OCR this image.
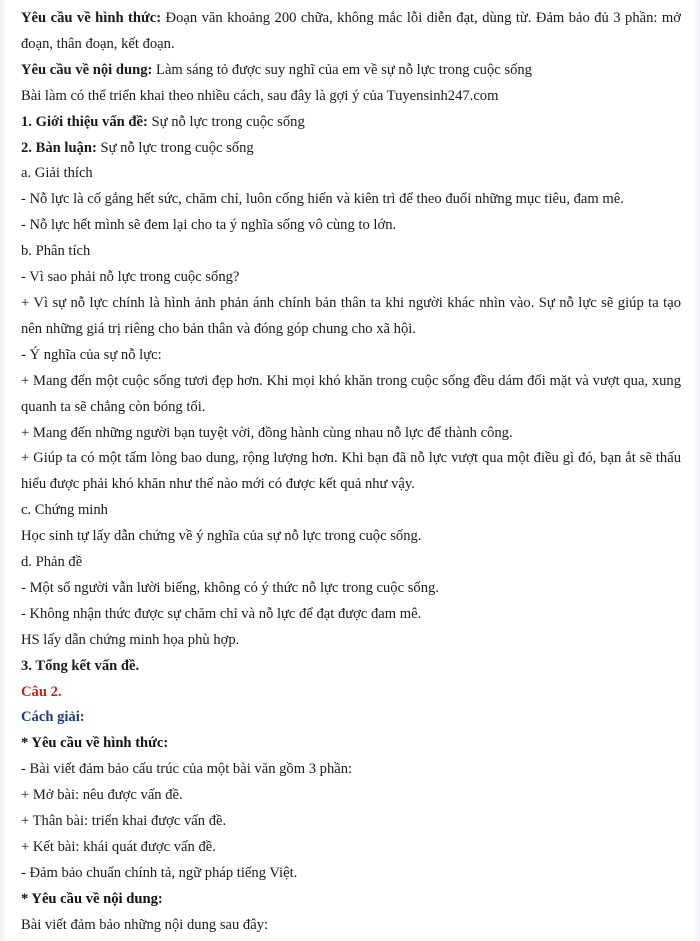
Yêu cầu về hình thức: Đoạn văn khoảng 200 chữa, không mắc lỗi diễn đạt, dùng từ. Đảm bảo đủ 3 phần: mở đoạn, thân đoạn, kết đoạn.

Yêu cầu về nội dung: Làm sáng tỏ được suy nghĩ của em về sự nỗ lực trong cuộc sống

Bài làm có thể triển khai theo nhiều cách, sau đây là gợi ý của Tuyensinh247.com

1. Giới thiệu vấn đề: Sự nỗ lực trong cuộc sống

2. Bàn luận: Sự nỗ lực trong cuộc sống

a. Giải thích

- Nỗ lực là cố gắng hết sức, chăm chỉ, luôn cống hiến và kiên trì để theo đuổi những mục tiêu, đam mê.

- Nỗ lực hết mình sẽ đem lại cho ta ý nghĩa sống vô cùng to lớn.

b. Phân tích

- Vì sao phải nỗ lực trong cuộc sống?

+ Vì sự nỗ lực chính là hình ảnh phản ánh chính bản thân ta khi người khác nhìn vào. Sự nỗ lực sẽ giúp ta tạo nên những giá trị riêng cho bản thân và đóng góp chung cho xã hội.

- Ý nghĩa của sự nỗ lực:

+ Mang đến một cuộc sống tươi đẹp hơn. Khi mọi khó khăn trong cuộc sống đều dám đối mặt và vượt qua, xung quanh ta sẽ chẳng còn bóng tối.

+ Mang đến những người bạn tuyệt vời, đồng hành cùng nhau nỗ lực để thành công.

+ Giúp ta có một tấm lòng bao dung, rộng lượng hơn. Khi bạn đã nỗ lực vượt qua một điều gì đó, bạn ắt sẽ thấu hiểu được phải khó khăn như thế nào mới có được kết quả như vậy.

c. Chứng minh

Học sinh tự lấy dẫn chứng về ý nghĩa của sự nỗ lực trong cuộc sống.

d. Phản đề

- Một số người vẫn lười biếng, không có ý thức nỗ lực trong cuộc sống.

- Không nhận thức được sự chăm chỉ và nỗ lực để đạt được đam mê.

HS lấy dẫn chứng minh họa phù hợp.

3. Tổng kết vấn đề.

Câu 2.

Cách giải:

* Yêu cầu về hình thức:

- Bài viết đảm bảo cấu trúc của một bài văn gồm 3 phần:

+ Mở bài: nêu được vấn đề.

+ Thân bài: triển khai được vấn đề.

+ Kết bài: khái quát được vấn đề.

- Đảm bảo chuẩn chính tả, ngữ pháp tiếng Việt.

* Yêu cầu về nội dung:

Bài viết đảm bảo những nội dung sau đây:
